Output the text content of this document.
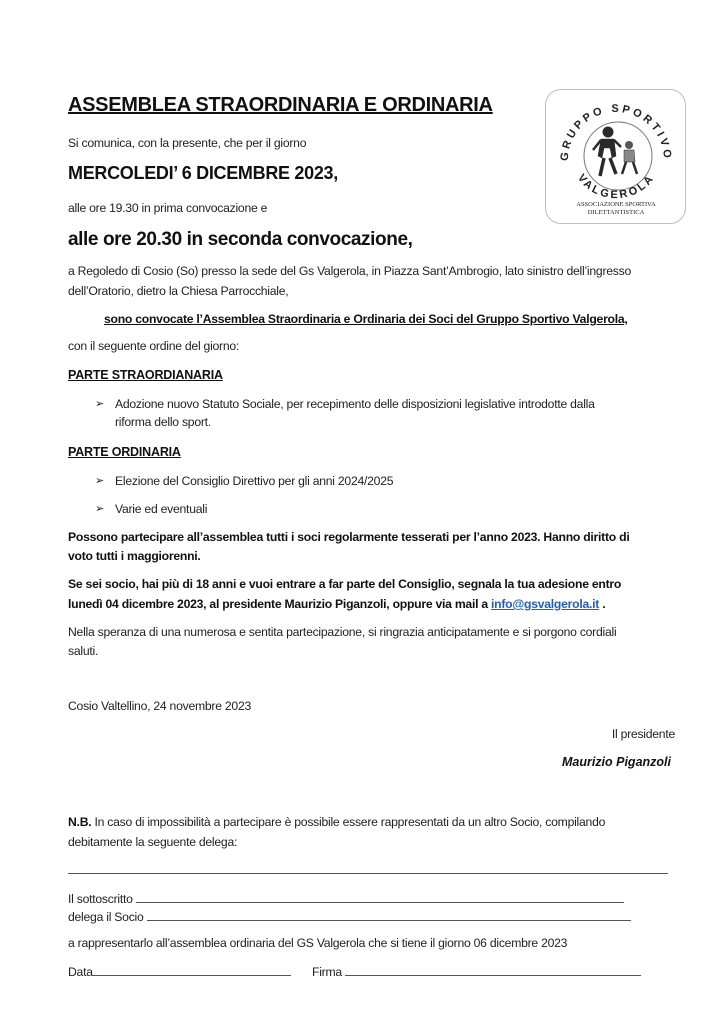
ASSEMBLEA STRAORDINARIA E ORDINARIA
Si comunica, con la presente, che per il giorno
MERCOLEDI’ 6 DICEMBRE 2023,
alle ore 19.30 in prima convocazione e
alle ore 20.30 in seconda convocazione,
a Regoledo di Cosio (So) presso la sede del Gs Valgerola, in Piazza Sant’Ambrogio, lato sinistro dell’ingresso
dell’Oratorio, dietro la Chiesa Parrocchiale,
sono convocate l’Assemblea Straordinaria e Ordinaria dei Soci del Gruppo Sportivo Valgerola,
con il seguente ordine del giorno:
PARTE STRAORDIANARIA
➢ Adozione nuovo Statuto Sociale, per recepimento delle disposizioni legislative introdotte dalla
riforma dello sport.
PARTE ORDINARIA
➢ Elezione del Consiglio Direttivo per gli anni 2024/2025
➢ Varie ed eventuali
Possono partecipare all’assemblea tutti i soci regolarmente tesserati per l’anno 2023. Hanno diritto di
voto tutti i maggiorenni.
Se sei socio, hai più di 18 anni e vuoi entrare a far parte del Consiglio, segnala la tua adesione entro
lunedì 04 dicembre 2023, al presidente Maurizio Piganzoli, oppure via mail a info@gsvalgerola.it .
Nella speranza di una numerosa e sentita partecipazione, si ringrazia anticipatamente e si porgono cordiali
saluti.
Cosio Valtellino, 24 novembre 2023
Il presidente
Maurizio Piganzoli
N.B. In caso di impossibilità a partecipare è possibile essere rappresentati da un altro Socio, compilando
debitamente la seguente delega:
Il sottoscritto
delega il Socio
a rappresentarlo all’assemblea ordinaria del GS Valgerola che si tiene il giorno 06 dicembre 2023
Data	Firma
GRUPPO SPORTIVO
VALGEROLA
ASSOCIAZIONE SPORTIVA
DILETTANTISTICA
